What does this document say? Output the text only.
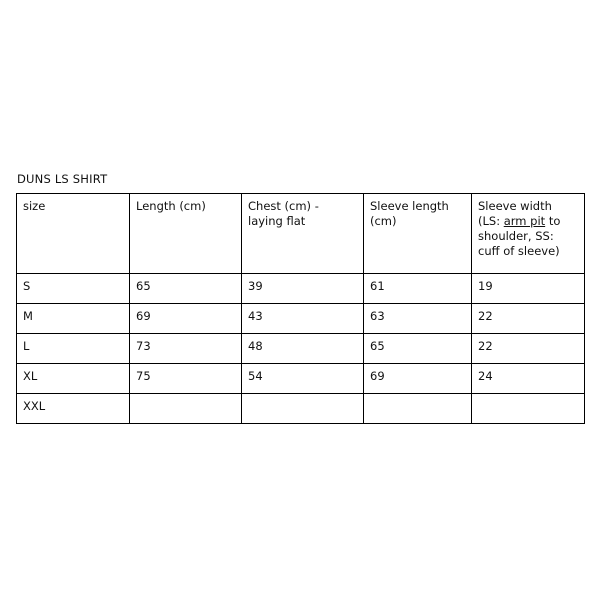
DUNS LS SHIRT
size	Length (cm)	Chest (cm) - laying flat	Sleeve length (cm)	Sleeve width
(LS: arm pit to
shoulder, SS:
cuff of sleeve)
S	65	39	61	19
M	69	43	63	22
L	73	48	65	22
XL	75	54	69	24
XXL				
